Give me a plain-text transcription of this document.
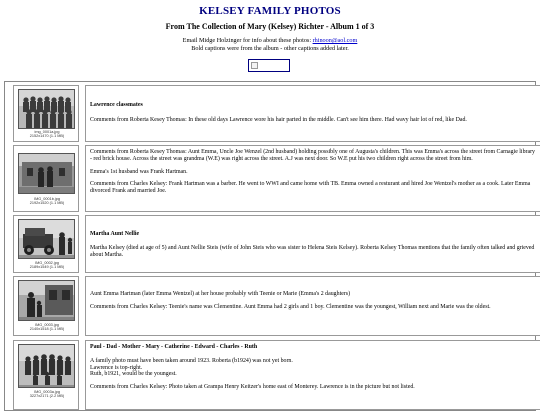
KELSEY FAMILY PHOTOS
From The Collection of Mary (Kelsey) Richter - Album 1 of 3
Email Midge Holzinger for info about these photos: rhinoon@aol.com
Bold captions were from the album - other captions added later.
img_0001a.jpg
2152x1470 (1.1 MB)

Lawrence classmates

Comments from Roberta Kesey Thomas: In these old days Lawrence wore his hair parted in the middle. Can't see him there. Had wavy hair lot of red, like Dad.

IMG_0001b.jpg
2192x1520 (1.1 MB)

Comments from Roberta Kesey Thomas: Aunt Emma, Uncle Joe Wenzel (2nd husband) holding possibly one of Augusta's children. This was Emma's across the street from Carnagie library - red brick house. Across the street was grandma (W.E) was right across the street. A.J was next door. So W.E put his two children right across the street from him.

Emma's 1st husband was Frank Hartman.

Comments from Charles Kelsey: Frank Hartman was a barber. He went to WWI and came home with TB. Emma owned a resturant and hired Joe Wentzel's mother as a cook. Later Emma divorced Frank and married Joe.

IMG_0002.jpg
2189x1549 (1.1 MB)

Martha Aunt Nellie

Martha Kelsey (died at age of 5) and Aunt Nellie Steis (wife of John Steis who was sister to Helena Steis Kelsey). Roberta Kelsey Thomas mentions that the family often talked and grieved about Martha.

IMG_0003.jpg
2140x1518 (1.1 MB)

Aunt Emma Hartman (later Emma Wentzel) at her house probably with Teenie or Marie (Emma's 2 daughters)

Comments from Charles Kelsey: Teenie's name was Clementine. Aunt Emma had 2 girls and 1 boy. Clementine was the youngest, William next and Marie was the oldest.

IMG_0003a.jpg
3227x2171 (2.2 MB)

Paul - Dad - Mother - Mary - Catherine - Edward - Charles - Ruth

A family photo must have been taken around 1923. Roberta (b1924) was not yet born.
Lawrence is top-right.
Ruth, b1921, would be the youngest.

Comments from Charles Kelsey: Photo taken at Grampa Henry Keitzer's home east of Monterey. Lawrence is in the picture but not listed.
